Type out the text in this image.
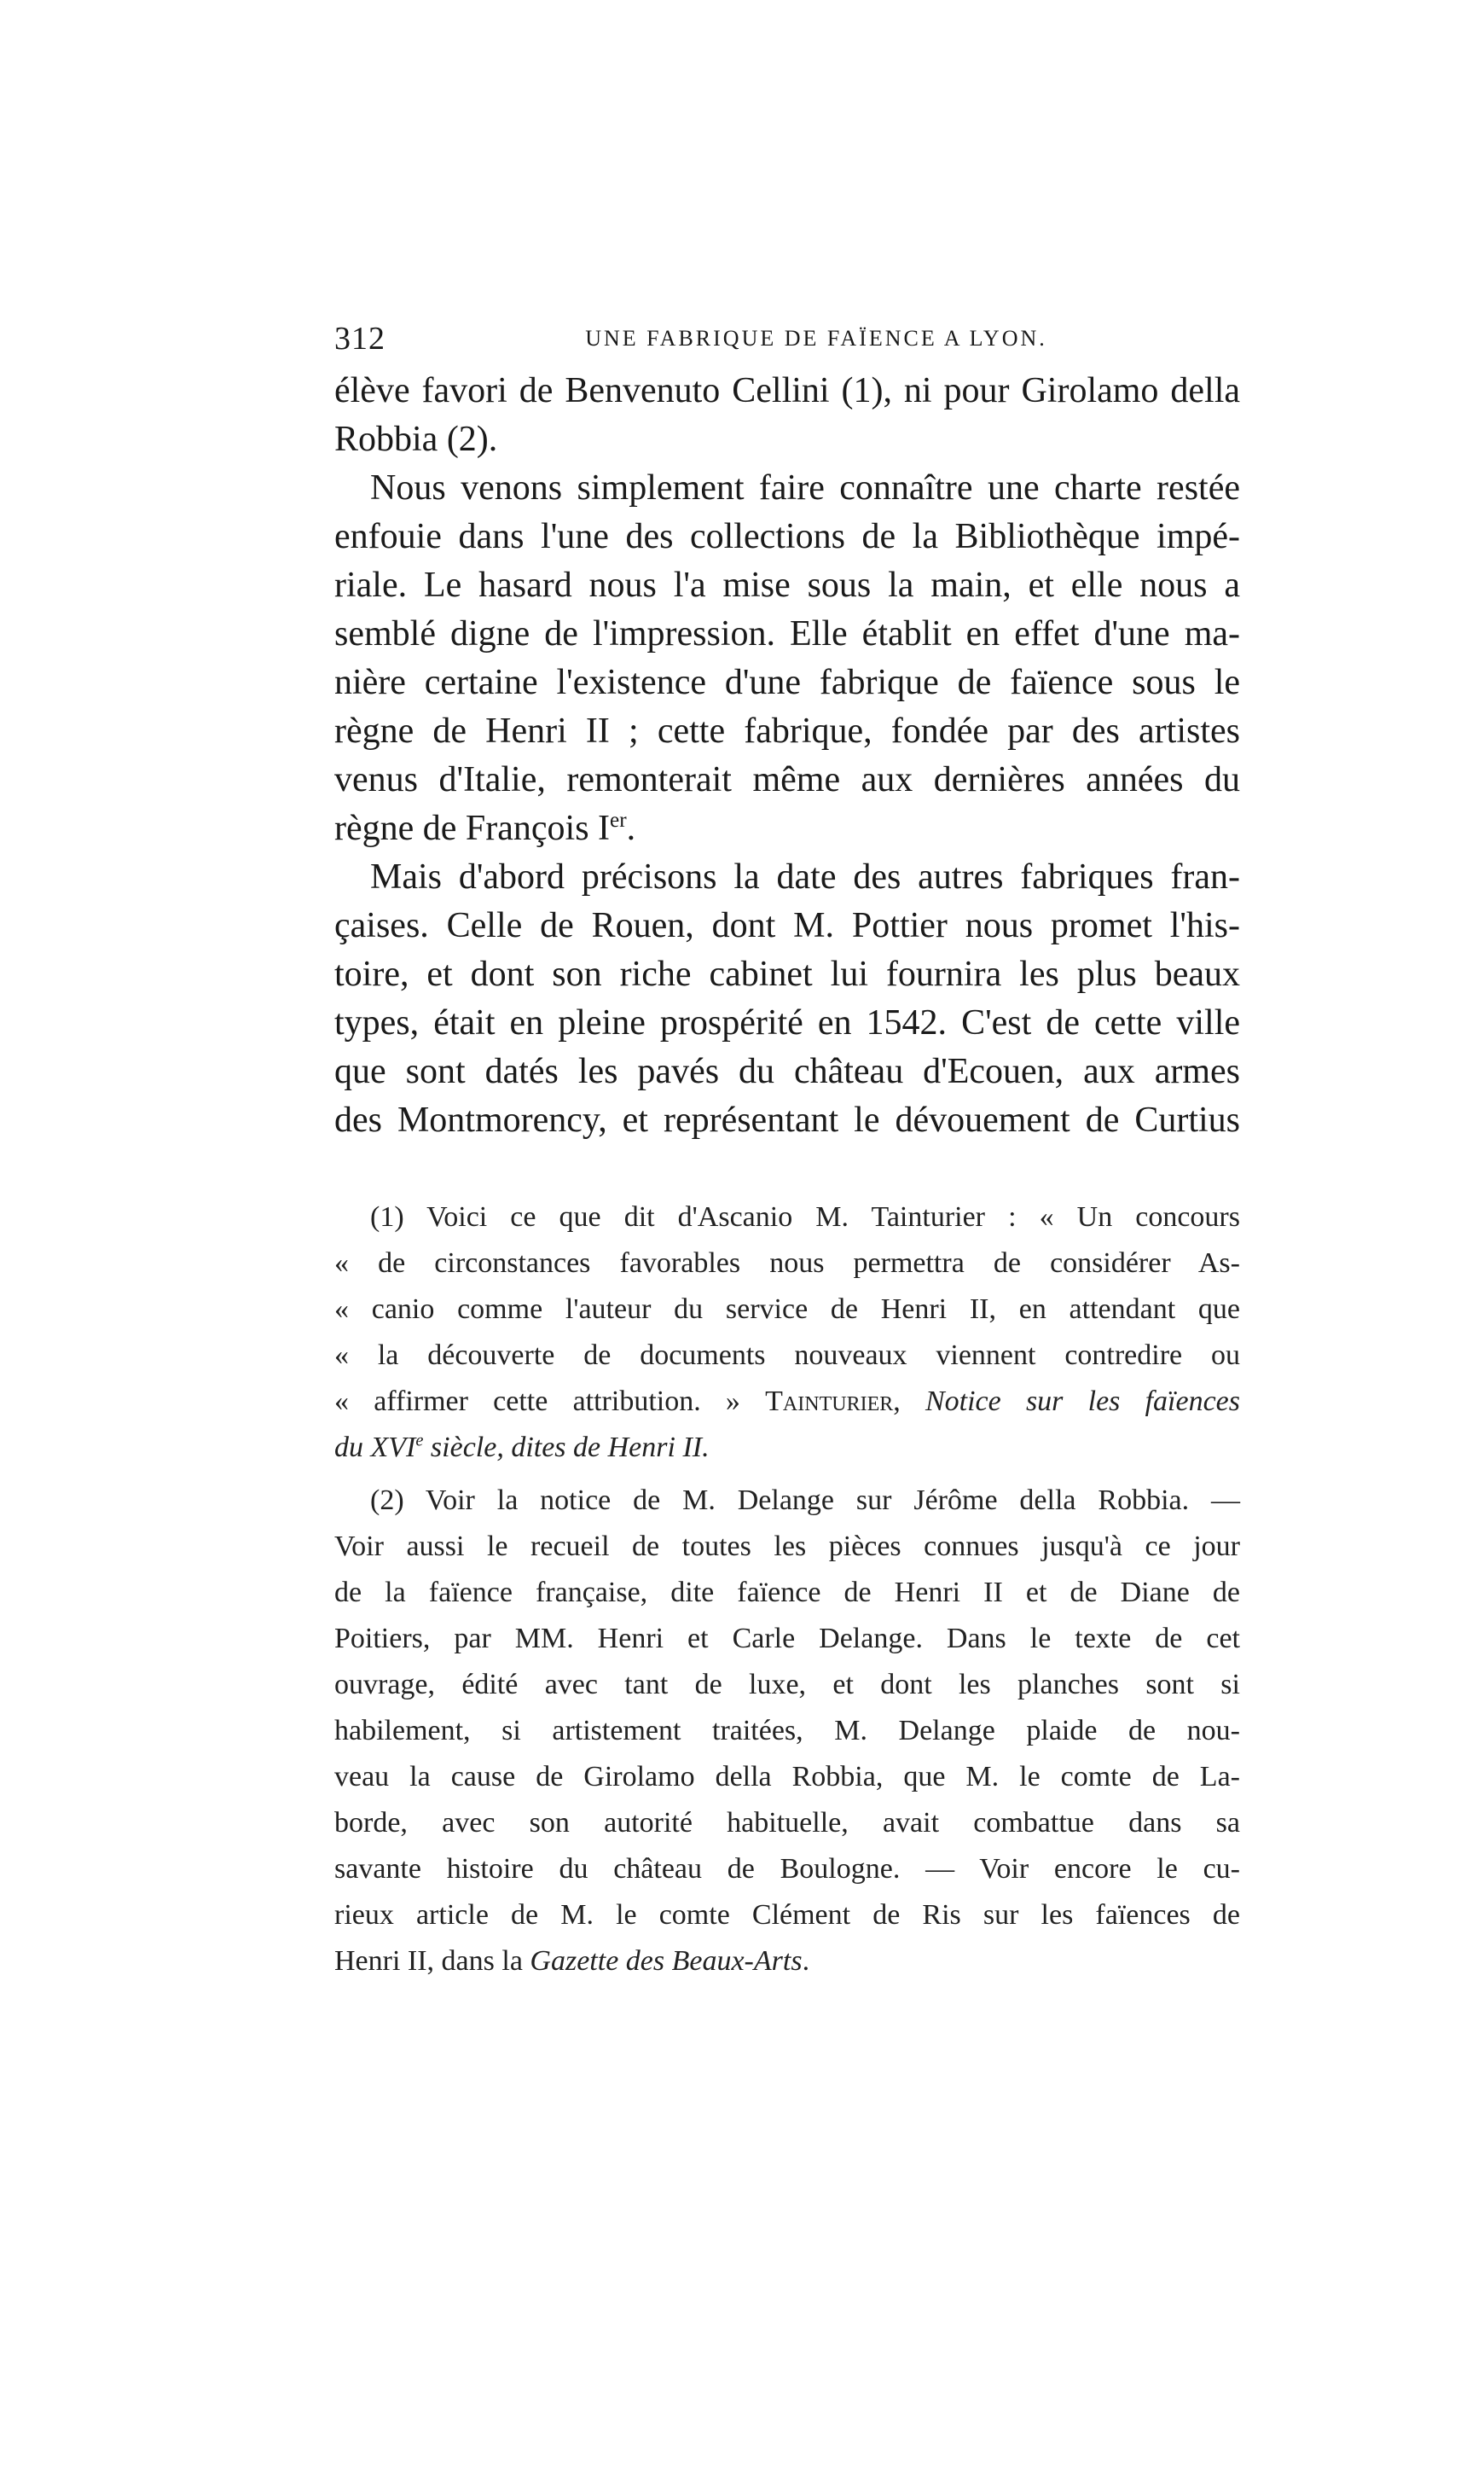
312	UNE FABRIQUE DE FAÏENCE A LYON.
élève favori de Benvenuto Cellini (1), ni pour Girolamo della
Robbia (2).
Nous venons simplement faire connaître une charte restée
enfouie dans l'une des collections de la Bibliothèque impé-
riale. Le hasard nous l'a mise sous la main, et elle nous a
semblé digne de l'impression. Elle établit en effet d'une ma-
nière certaine l'existence d'une fabrique de faïence sous le
règne de Henri II ; cette fabrique, fondée par des artistes
venus d'Italie, remonterait même aux dernières années du
règne de François Ier.
Mais d'abord précisons la date des autres fabriques fran-
çaises. Celle de Rouen, dont M. Pottier nous promet l'his-
toire, et dont son riche cabinet lui fournira les plus beaux
types, était en pleine prospérité en 1542. C'est de cette ville
que sont datés les pavés du château d'Ecouen, aux armes
des Montmorency, et représentant le dévouement de Curtius
(1) Voici ce que dit d'Ascanio M. Tainturier : « Un concours
« de circonstances favorables nous permettra de considérer As-
« canio comme l'auteur du service de Henri II, en attendant que
« la découverte de documents nouveaux viennent contredire ou
« affirmer cette attribution. » Tainturier, Notice sur les faïences
du XVIe siècle, dites de Henri II.
(2) Voir la notice de M. Delange sur Jérôme della Robbia. —
Voir aussi le recueil de toutes les pièces connues jusqu'à ce jour
de la faïence française, dite faïence de Henri II et de Diane de
Poitiers, par MM. Henri et Carle Delange. Dans le texte de cet
ouvrage, édité avec tant de luxe, et dont les planches sont si
habilement, si artistement traitées, M. Delange plaide de nou-
veau la cause de Girolamo della Robbia, que M. le comte de La-
borde, avec son autorité habituelle, avait combattue dans sa
savante histoire du château de Boulogne. — Voir encore le cu-
rieux article de M. le comte Clément de Ris sur les faïences de
Henri II, dans la Gazette des Beaux-Arts.
